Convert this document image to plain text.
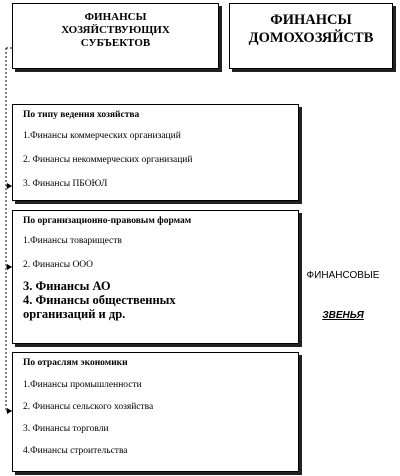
ФИНАНСЫ
ХОЗЯЙСТВУЮЩИХ
СУБЪЕКТОВ
ФИНАНСЫ
ДОМОХОЗЯЙСТВ
По типу ведения хозяйства
1.Финансы коммерческих организаций
2. Финансы некоммерческих организаций
3. Финансы ПБОЮЛ
По организационно-правовым формам
1.Финансы товариществ
2. Финансы ООО
3. Финансы АО
4. Финансы общественных организаций и др.
По отраслям экономики
1.Финансы промышленности
2. Финансы сельского хозяйства
3. Финансы торговли
4.Финансы строительства
ФИНАНСОВЫЕ
ЗВЕНЬЯ
